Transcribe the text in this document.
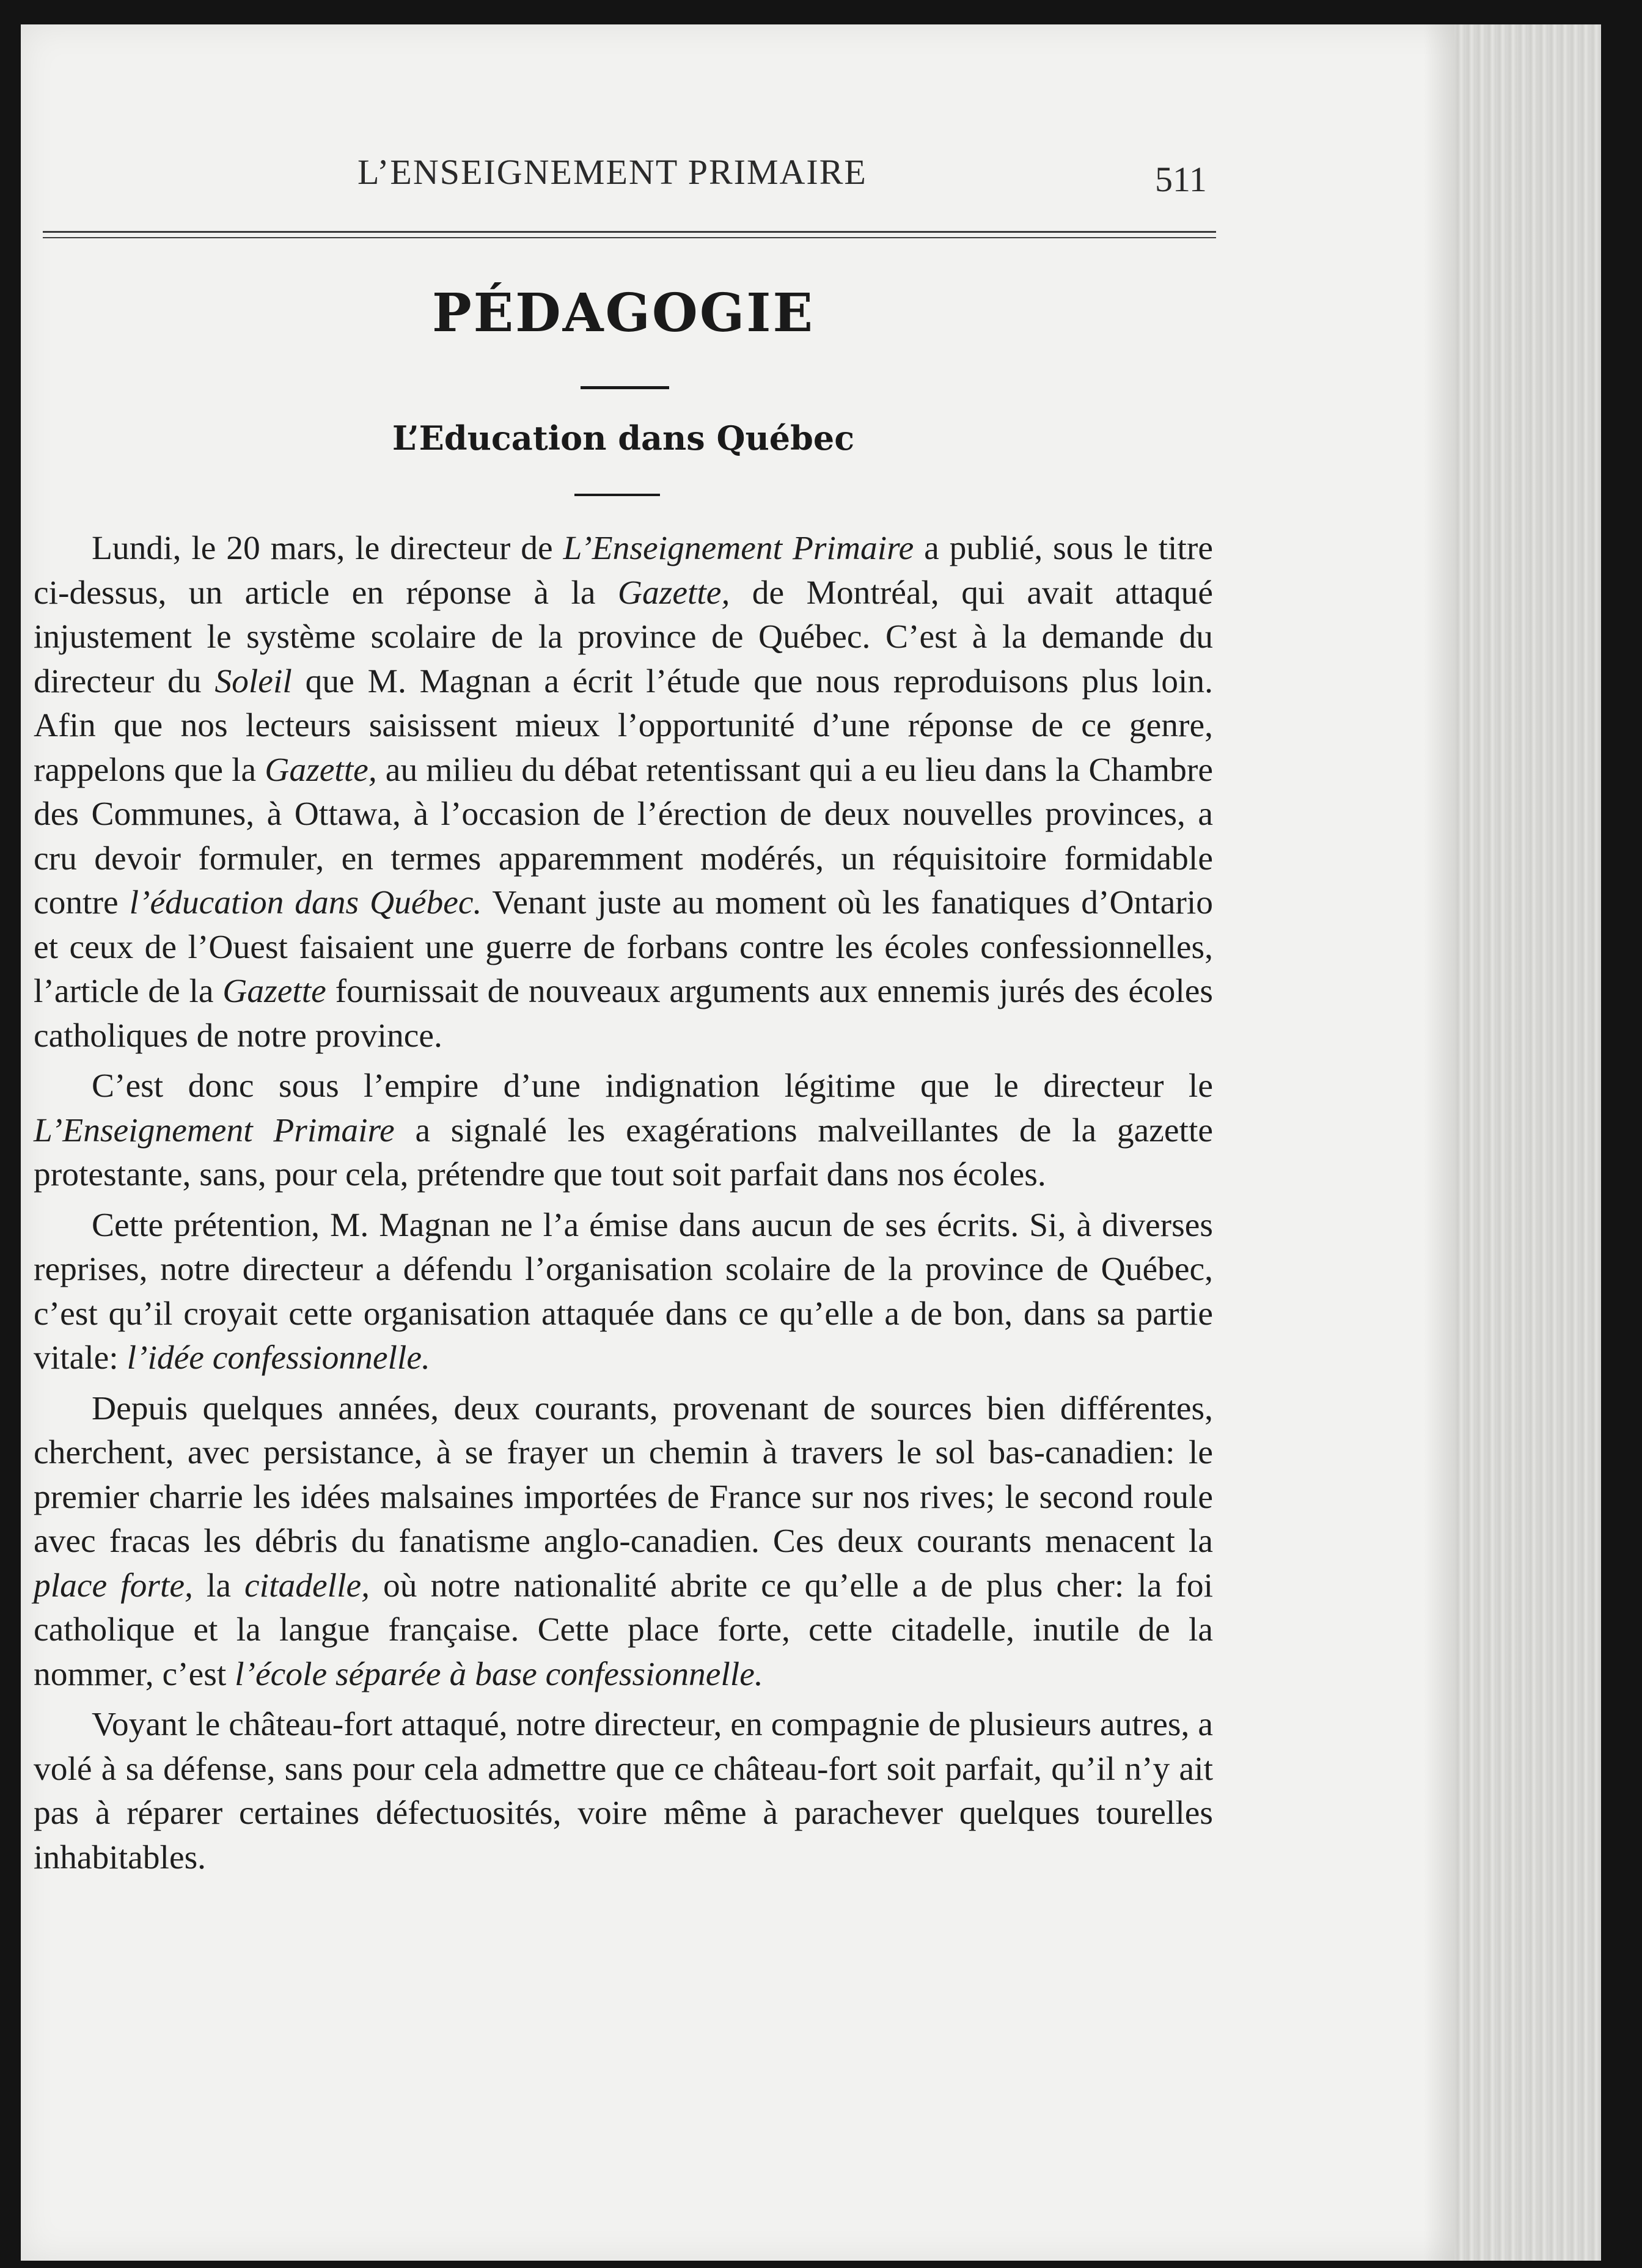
L’ENSEIGNEMENT PRIMAIRE	511
PÉDAGOGIE
L’Education dans Québec

Lundi, le 20 mars, le directeur de L’Enseignement Primaire a publié, sous le titre ci-dessus, un article en réponse à la Gazette, de Montréal, qui avait attaqué injustement le système scolaire de la province de Québec. C’est à la demande du directeur du Soleil que M. Magnan a écrit l’étude que nous reproduisons plus loin. Afin que nos lecteurs saisissent mieux l’opportunité d’une réponse de ce genre, rappelons que la Gazette, au milieu du débat retentissant qui a eu lieu dans la Chambre des Communes, à Ottawa, à l’occasion de l’érection de deux nouvelles provinces, a cru devoir formuler, en termes apparemment modérés, un réquisitoire formidable contre l’éducation dans Québec. Venant juste au moment où les fanatiques d’Ontario et ceux de l’Ouest faisaient une guerre de forbans contre les écoles confessionnelles, l’article de la Gazette fournissait de nouveaux arguments aux ennemis jurés des écoles catholiques de notre province.

C’est donc sous l’empire d’une indignation légitime que le directeur le L’Enseignement Primaire a signalé les exagérations malveillantes de la gazette protestante, sans, pour cela, prétendre que tout soit parfait dans nos écoles.

Cette prétention, M. Magnan ne l’a émise dans aucun de ses écrits. Si, à diverses reprises, notre directeur a défendu l’organisation scolaire de la province de Québec, c’est qu’il croyait cette organisation attaquée dans ce qu’elle a de bon, dans sa partie vitale: l’idée confessionnelle.

Depuis quelques années, deux courants, provenant de sources bien différentes, cherchent, avec persistance, à se frayer un chemin à travers le sol bas-canadien: le premier charrie les idées malsaines importées de France sur nos rives; le second roule avec fracas les débris du fanatisme anglo-canadien. Ces deux courants menacent la place forte, la citadelle, où notre nationalité abrite ce qu’elle a de plus cher: la foi catholique et la langue française. Cette place forte, cette citadelle, inutile de la nommer, c’est l’école séparée à base confessionnelle.

Voyant le château-fort attaqué, notre directeur, en compagnie de plusieurs autres, a volé à sa défense, sans pour cela admettre que ce château-fort soit parfait, qu’il n’y ait pas à réparer certaines défectuosités, voire même à parachever quelques tourelles inhabitables.
